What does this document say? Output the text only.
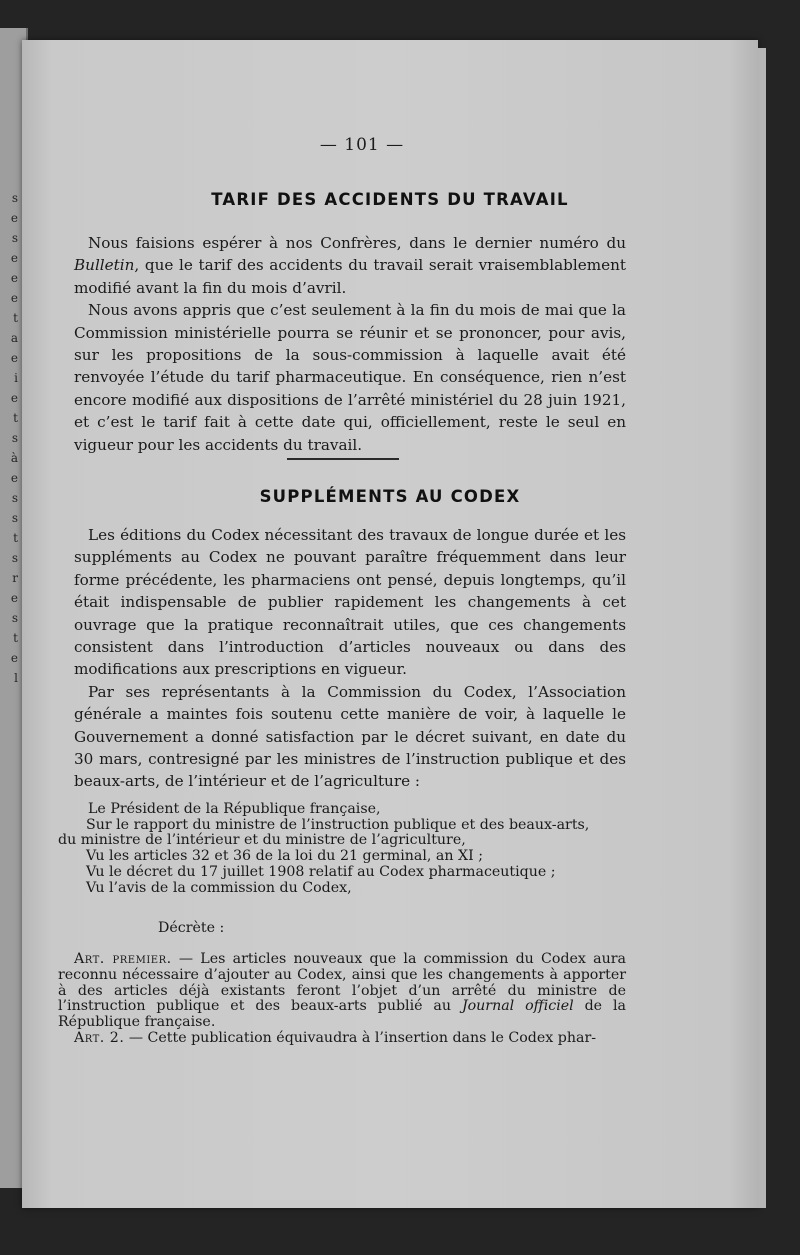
s
e
s
e
e
e
t
a
e
i
e
t
s
à
e
s
s
t
s
r
e
s
t
e
l
— 101 —
TARIF DES ACCIDENTS DU TRAVAIL

Nous faisions espérer à nos Confrères, dans le dernier numéro du Bulletin, que le tarif des accidents du travail serait vraisemblablement modifié avant la fin du mois d’avril.

Nous avons appris que c’est seulement à la fin du mois de mai que la Commission ministérielle pourra se réunir et se prononcer, pour avis, sur les propositions de la sous-commission à laquelle avait été renvoyée l’étude du tarif pharmaceutique. En conséquence, rien n’est encore modifié aux dispositions de l’arrêté ministériel du 28 juin 1921, et c’est le tarif fait à cette date qui, officiellement, reste le seul en vigueur pour les accidents du travail.

SUPPLÉMENTS AU CODEX

Les éditions du Codex nécessitant des travaux de longue durée et les suppléments au Codex ne pouvant paraître fréquemment dans leur forme précédente, les pharmaciens ont pensé, depuis longtemps, qu’il était indispensable de publier rapidement les changements à cet ouvrage que la pratique reconnaîtrait utiles, que ces changements consistent dans l’introduction d’articles nouveaux ou dans des modifications aux prescriptions en vigueur.

Par ses représentants à la Commission du Codex, l’Association générale a maintes fois soutenu cette manière de voir, à laquelle le Gouvernement a donné satisfaction par le décret suivant, en date du 30 mars, contresigné par les ministres de l’instruction publique et des beaux-arts, de l’intérieur et de l’agriculture :

Le Président de la République française,

Sur le rapport du ministre de l’instruction publique et des beaux-arts,

du ministre de l’intérieur et du ministre de l’agriculture,

Vu les articles 32 et 36 de la loi du 21 germinal, an XI ;

Vu le décret du 17 juillet 1908 relatif au Codex pharmaceutique ;

Vu l’avis de la commission du Codex,

Décrète :

Art. premier. — Les articles nouveaux que la commission du Codex aura reconnu nécessaire d’ajouter au Codex, ainsi que les changements à apporter à des articles déjà existants feront l’objet d’un arrêté du ministre de l’instruction publique et des beaux-arts publié au Journal officiel de la République française.

Art. 2. — Cette publication équivaudra à l’insertion dans le Codex phar-
